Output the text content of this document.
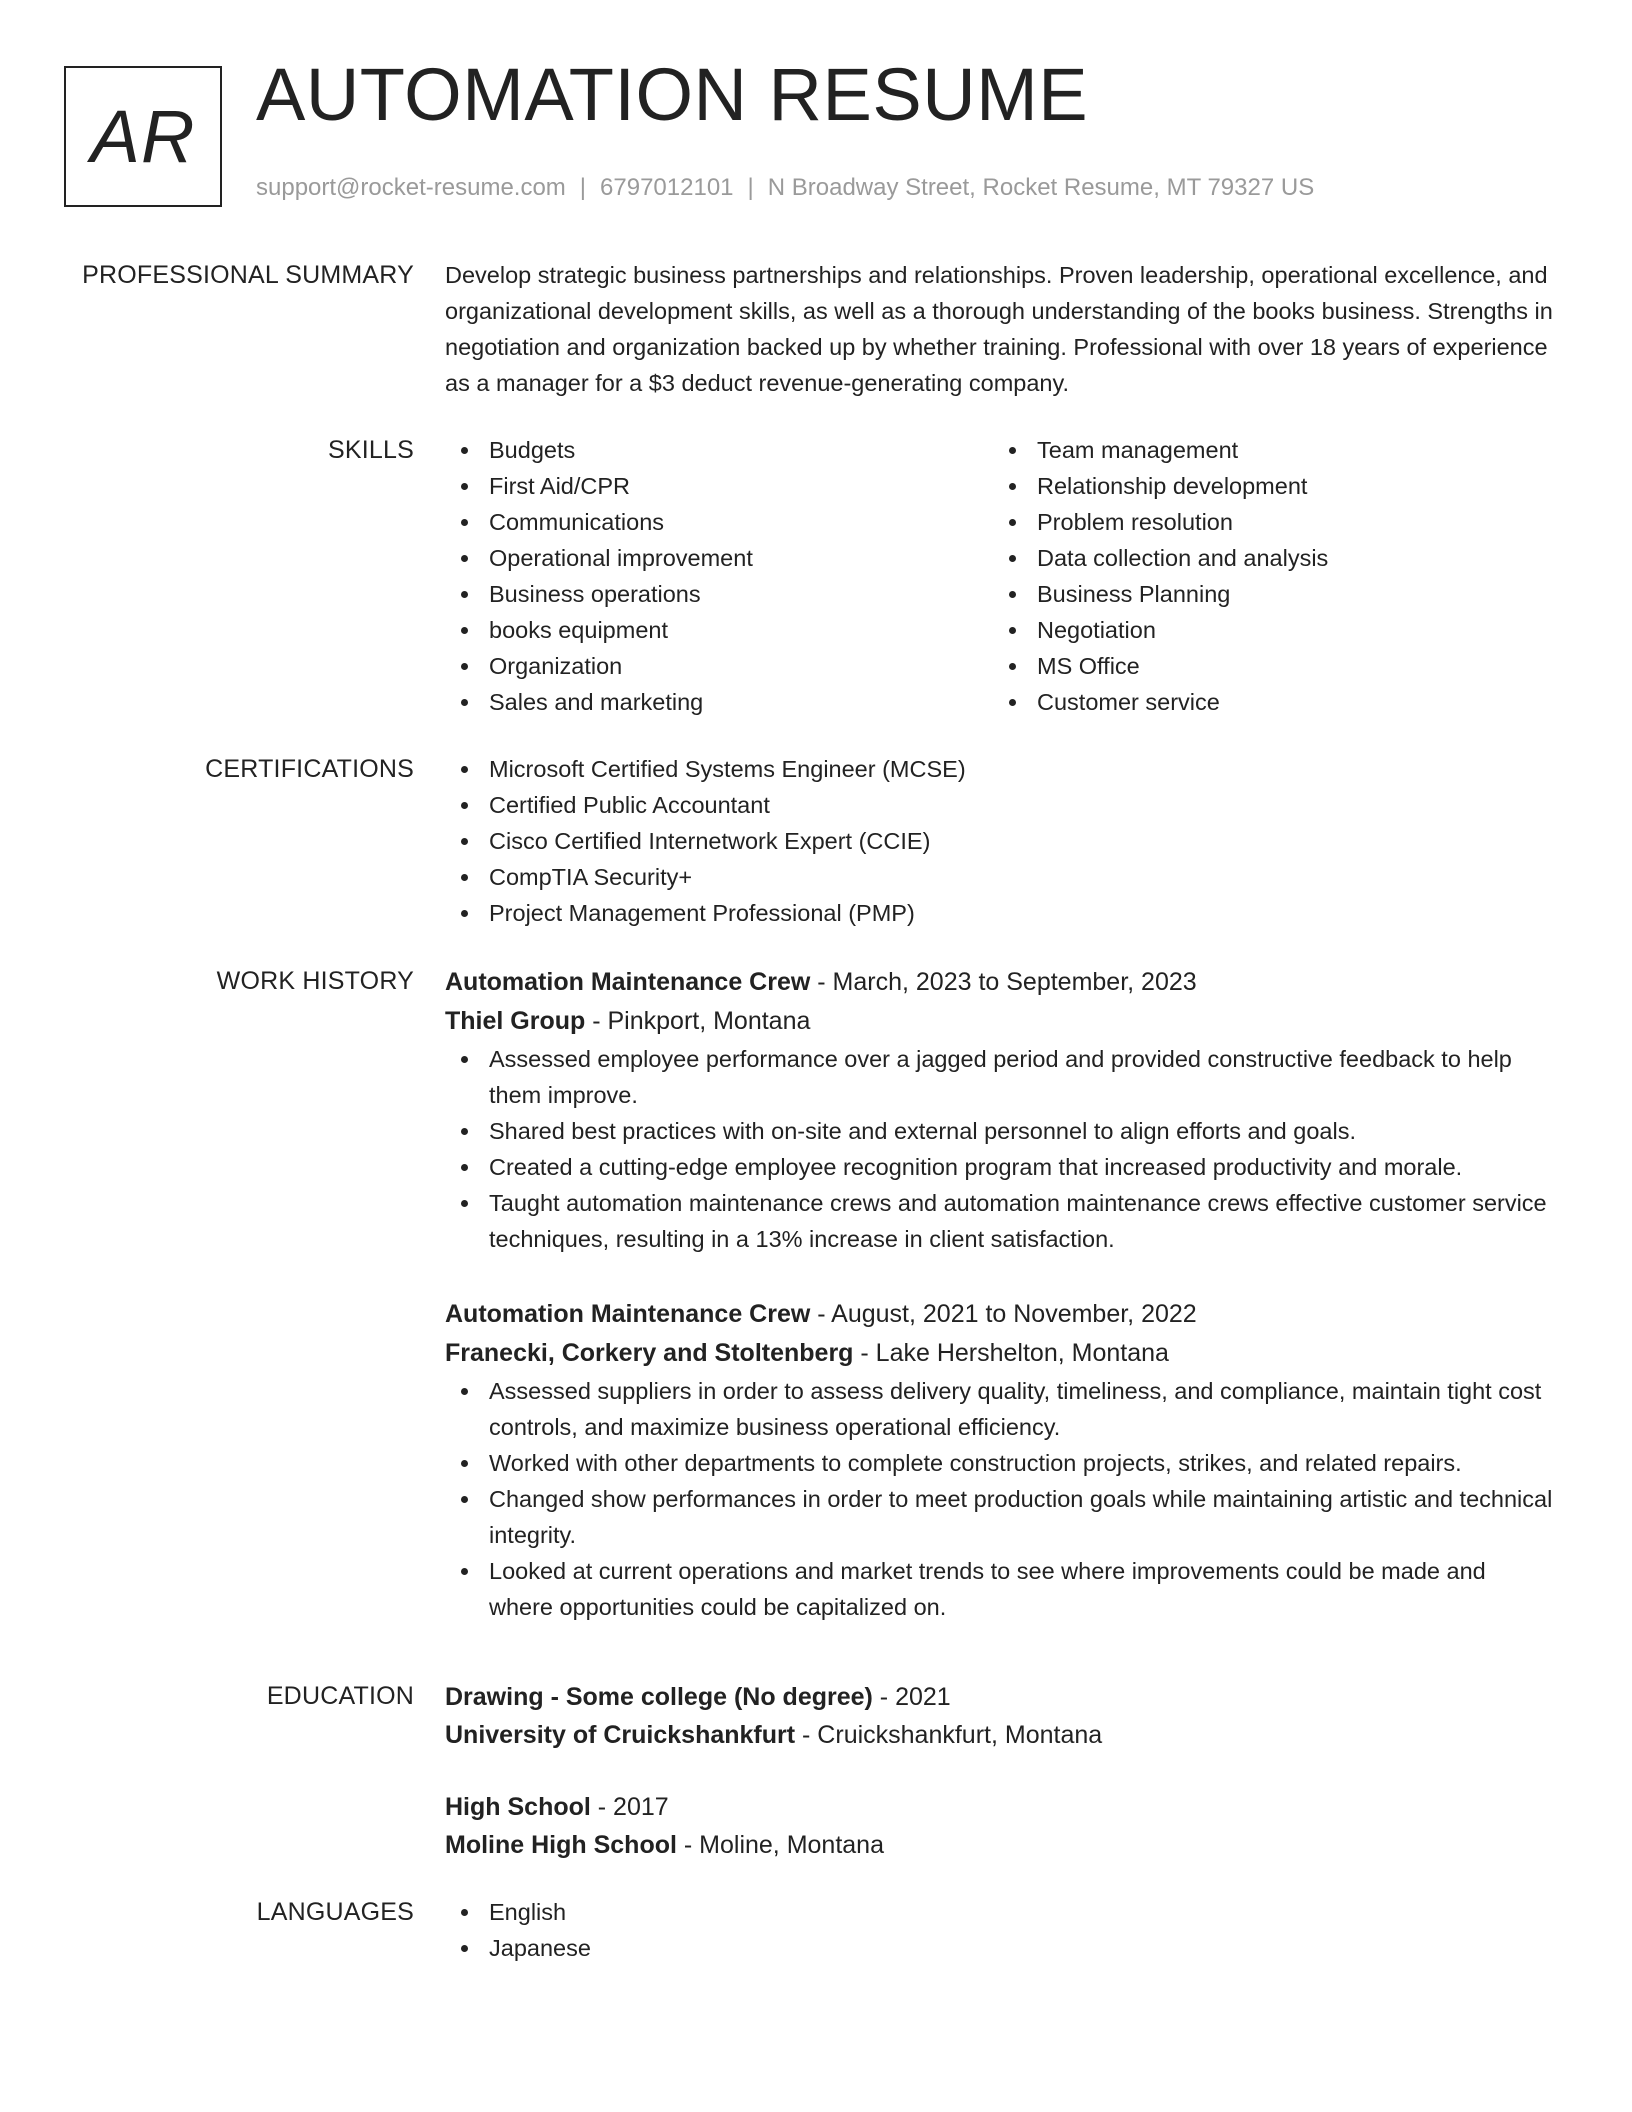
AR
AUTOMATION RESUME
support@rocket-resume.com | 6797012101 | N Broadway Street, Rocket Resume, MT 79327 US
PROFESSIONAL SUMMARY Develop strategic business partnerships and relationships. Proven leadership, operational excellence, and organizational development skills, as well as a thorough understanding of the books business. Strengths in negotiation and organization backed up by whether training. Professional with over 18 years of experience as a manager for a $3 deduct revenue-generating company.

SKILLS	Budgets
First Aid/CPR
Communications
Operational improvement
Business operations
books equipment
Organization
Sales and marketing
Team management
Relationship development
Problem resolution
Data collection and analysis
Business Planning
Negotiation
MS Office
Customer service
CERTIFICATIONS	Microsoft Certified Systems Engineer (MCSE)
Certified Public Accountant
Cisco Certified Internetwork Expert (CCIE)
CompTIA Security+
Project Management Professional (PMP)
WORK HISTORY Automation Maintenance Crew - March, 2023 to September, 2023
Thiel Group - Pinkport, Montana
Assessed employee performance over a jagged period and provided constructive feedback to help them improve.
Shared best practices with on-site and external personnel to align efforts and goals.
Created a cutting-edge employee recognition program that increased productivity and morale.
Taught automation maintenance crews and automation maintenance crews effective customer service techniques, resulting in a 13% increase in client satisfaction.
Automation Maintenance Crew - August, 2021 to November, 2022
Franecki, Corkery and Stoltenberg - Lake Hershelton, Montana
Assessed suppliers in order to assess delivery quality, timeliness, and compliance, maintain tight cost controls, and maximize business operational efficiency.
Worked with other departments to complete construction projects, strikes, and related repairs.
Changed show performances in order to meet production goals while maintaining artistic and technical integrity.
Looked at current operations and market trends to see where improvements could be made and where opportunities could be capitalized on.
EDUCATION Drawing - Some college (No degree) - 2021
University of Cruickshankfurt - Cruickshankfurt, Montana
High School - 2017
Moline High School - Moline, Montana
LANGUAGES	English
Japanese
